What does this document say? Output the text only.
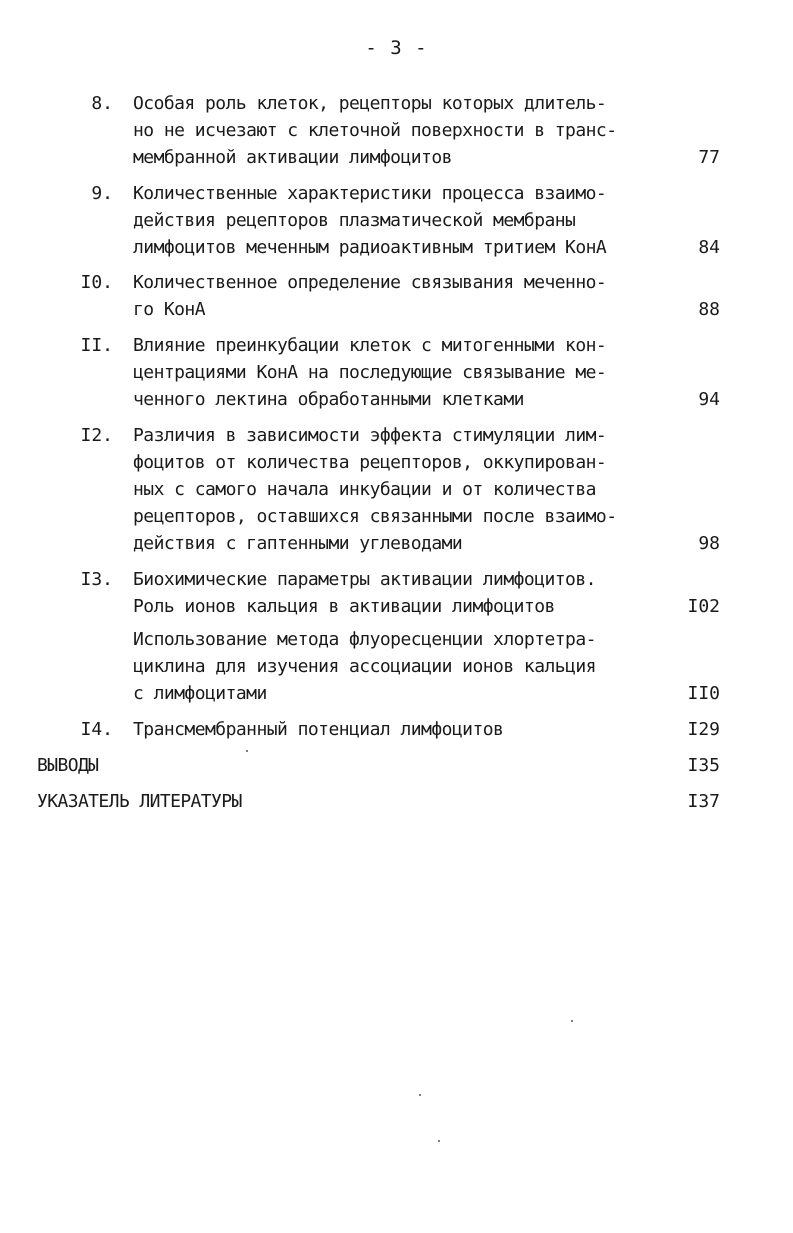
- 3 -
8. Особая роль клеток, рецепторы которых длитель-
но не исчезают с клеточной поверхности в транс-
мембранной активации лимфоцитов	77
9. Количественные характеристики процесса взаимо-
действия рецепторов плазматической мембраны
лимфоцитов меченным радиоактивным тритием КонА	84
I0. Количественное определение связывания меченно-
го КонА	88
II. Влияние преинкубации клеток с митогенными кон-
центрациями КонА на последующие связывание ме-
ченного лектина обработанными клетками	94
I2. Различия в зависимости эффекта стимуляции лим-
фоцитов от количества рецепторов, оккупирован-
ных с самого начала инкубации и от количества
рецепторов, оставшихся связанными после взаимо-
действия с гаптенными углеводами	98
I3. Биохимические параметры активации лимфоцитов.
Роль ионов кальция в активации лимфоцитов	I02
Использование метода флуоресценции хлортетра-
циклина для изучения ассоциации ионов кальция
с лимфоцитами	II0
I4. Трансмембранный потенциал лимфоцитов	I29
ВЫВОДЫ	I35
УКАЗАТЕЛЬ ЛИТЕРАТУРЫ	I37
